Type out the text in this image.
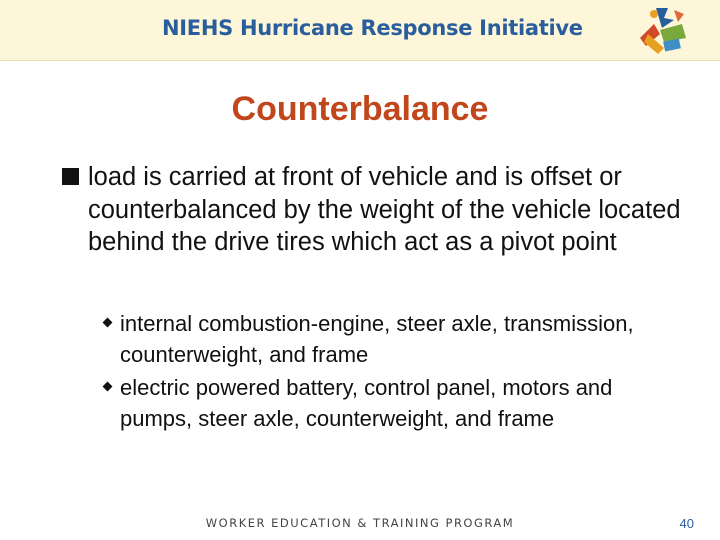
NIEHS Hurricane Response Initiative
Counterbalance
load is carried at front of vehicle and is offset or counterbalanced by the weight of the vehicle located behind the drive tires which act as a pivot point
internal combustion-engine, steer axle, transmission, counterweight, and frame
electric powered battery, control panel, motors and pumps, steer axle, counterweight, and frame
WORKER EDUCATION & TRAINING PROGRAM	40
